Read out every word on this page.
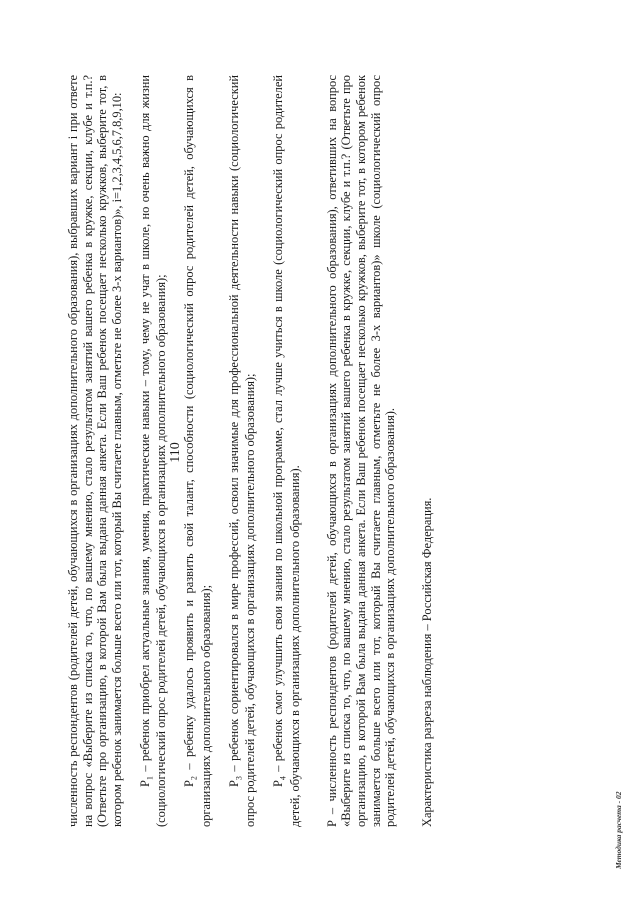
110

численность респондентов (родителей детей, обучающихся в организациях дополнительного образования), выбравших вариант i при ответе на вопрос «Выберите из списка то, что, по вашему мнению, стало результатом занятий вашего ребенка в кружке, секции, клубе и т.п.? (Ответьте про организацию, в которой Вам была выдана данная анкета. Если Ваш ребенок посещает несколько кружков, выберите тот, в котором ребенок занимается больше всего или тот, который Вы считаете главным, отметьте не более 3-х вариантов)», i=1,2,3,4,5,6,7,8,9,10: $P_1$ – ребенок приобрел актуальные знания, умения, практические навыки – тому, чему не учат в школе, но очень важно для жизни (социологический опрос родителей детей, обучающихся в организациях дополнительного образования); $P_2$ – ребенку удалось проявить и развить свой талант, способности (социологический опрос родителей детей, обучающихся в организациях дополнительного образования); $P_3$ – ребенок сориентировался в мире профессий, освоил значимые для профессиональной деятельности навыки (социологический опрос родителей детей, обучающихся в организациях дополнительного образования); $P_4$ – ребенок смог улучшить свои знания по школьной программе, стал лучше учиться в школе (социологический опрос родителей детей, обучающихся в организациях дополнительного образования). P – численность респондентов (родителей детей, обучающихся в организациях дополнительного образования), ответивших на вопрос «Выберите из списка то, что, по вашему мнению, стало результатом занятий вашего ребенка в кружке, секции, клубе и т.п.? (Ответьте про организацию, в которой Вам была выдана данная анкета. Если Ваш ребенок посещает несколько кружков, выберите тот, в котором ребенок занимается больше всего или тот, который Вы считаете главным, отметьте не более 3-х вариантов)» школе (социологический опрос родителей детей, обучающихся в организациях дополнительного образования). Характеристика разреза наблюдения – Российская Федерация.

Методика расчета - 02
